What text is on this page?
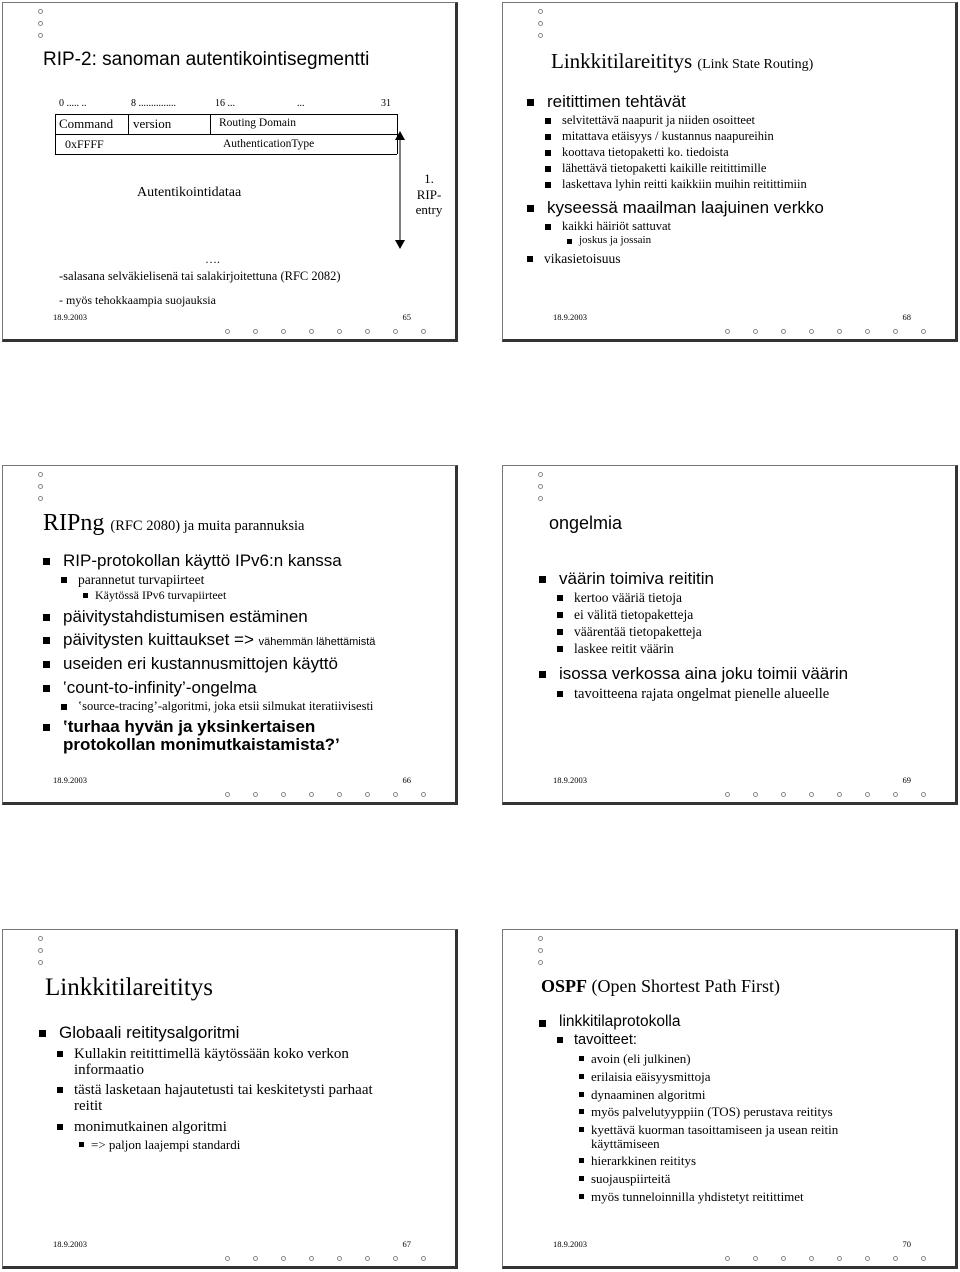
RIP-2: sanoman autentikointisegmentti
0 ..... ..	8 ...............	16 ...	...	31
Command version	Routing Domain
0xFFFF	AuthenticationType
Autentikointidataa
….
1. RIP-entry
-salasana selväkielisenä tai salakirjoitettuna (RFC 2082)
- myös tehokkaampia suojauksia
18.9.2003	65
Linkkitilareititys (Link State Routing)
reitittimen tehtävät
selvitettävä naapurit ja niiden osoitteet
mitattava etäisyys / kustannus naapureihin
koottava tietopaketti ko. tiedoista
lähettävä tietopaketti kaikille reitittimille
laskettava lyhin reitti kaikkiin muihin reitittimiin
kyseessä maailman laajuinen verkko
kaikki häiriöt sattuvat
joskus ja jossain
vikasietoisuus
18.9.2003	68
RIPng (RFC 2080) ja muita parannuksia
RIP-protokollan käyttö IPv6:n kanssa
parannetut turvapiirteet
Käytössä IPv6 turvapiirteet
päivitystahdistumisen estäminen
päivitysten kuittaukset => vähemmän lähettämistä
useiden eri kustannusmittojen käyttö
‛count-to-infinity’-ongelma
‛source-tracing’-algoritmi, joka etsii silmukat iteratiivisesti
‛turhaa hyvän ja yksinkertaisen protokollan monimutkaistamista?’
18.9.2003	66
ongelmia
väärin toimiva reititin
kertoo vääriä tietoja
ei välitä tietopaketteja
väärentää tietopaketteja
laskee reitit väärin
isossa verkossa aina joku toimii väärin
tavoitteena rajata ongelmat pienelle alueelle
18.9.2003	69
Linkkitilareititys
Globaali reititysalgoritmi
Kullakin reitittimellä käytössään koko verkon informaatio
tästä lasketaan hajautetusti tai keskitetysti parhaat reitit
monimutkainen algoritmi
=> paljon laajempi standardi
18.9.2003	67
OSPF (Open Shortest Path First)
linkkitilaprotokolla
tavoitteet:
avoin (eli julkinen)
erilaisia eäisyysmittoja
dynaaminen algoritmi
myös palvelutyyppiin (TOS) perustava reititys
kyettävä kuorman tasoittamiseen ja usean reitin käyttämiseen
hierarkkinen reititys
suojauspiirteitä
myös tunneloinnilla yhdistetyt reitittimet
18.9.2003	70
